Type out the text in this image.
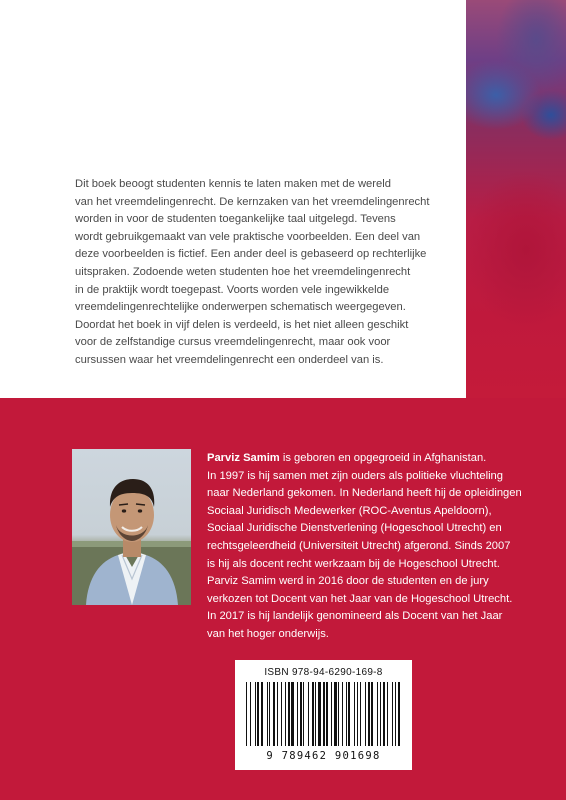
Dit boek beoogt studenten kennis te laten maken met de wereld

van het vreemdelingenrecht. De kernzaken van het vreemdelingenrecht

worden in voor de studenten toegankelijke taal uitgelegd. Tevens

wordt gebruikgemaakt van vele praktische voorbeelden. Een deel van

deze voorbeelden is fictief. Een ander deel is gebaseerd op rechterlijke

uitspraken. Zodoende weten studenten hoe het vreemdelingenrecht

in de praktijk wordt toegepast. Voorts worden vele ingewikkelde

vreemdelingenrechtelijke onderwerpen schematisch weergegeven.

Doordat het boek in vijf delen is verdeeld, is het niet alleen geschikt

voor de zelfstandige cursus vreemdelingenrecht, maar ook voor

cursussen waar het vreemdelingenrecht een onderdeel van is.

Parviz Samim is geboren en opgegroeid in Afghanistan.

In 1997 is hij samen met zijn ouders als politieke vluchteling

naar Nederland gekomen. In Nederland heeft hij de opleidingen

Sociaal Juridisch Medewerker (ROC-Aventus Apeldoorn),

Sociaal Juridische Dienstverlening (Hogeschool Utrecht) en

rechtsgeleerdheid (Universiteit Utrecht) afgerond. Sinds 2007

is hij als docent recht werkzaam bij de Hogeschool Utrecht.

Parviz Samim werd in 2016 door de studenten en de jury

verkozen tot Docent van het Jaar van de Hogeschool Utrecht.

In 2017 is hij landelijk genomineerd als Docent van het Jaar

van het hoger onderwijs.

ISBN 978-94-6290-169-8
9 789462 901698
